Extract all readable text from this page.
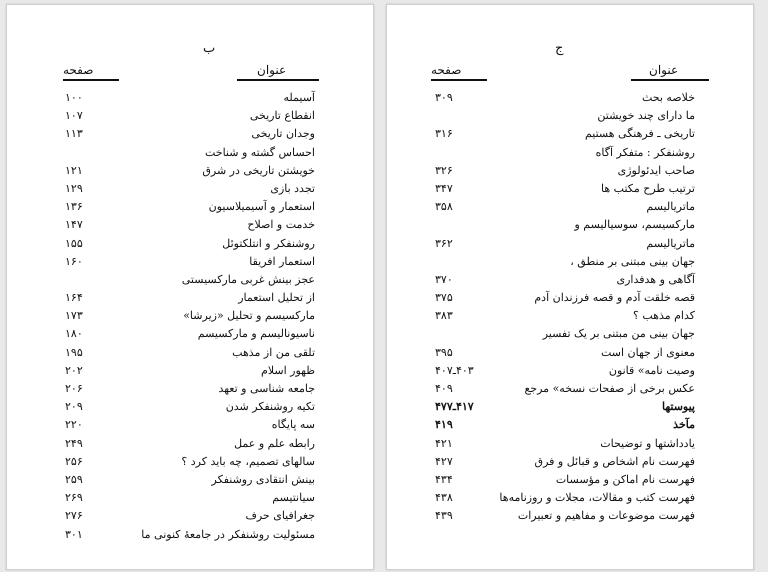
ب
عنوان
صفحه
آسیمله
۱۰۰
انقطاع تاریخی
۱۰۷
وجدان تاریخی
۱۱۳
احساس گشته و شناخت
خویشتن تاریخی در شرق
۱۲۱
تجدد بازی
۱۲۹
استعمار و آسیمیلاسیون
۱۳۶
خدمت و اصلاح
۱۴۷
روشنفکر و انتلکتوئل
۱۵۵
استعمار افریقا
۱۶۰
عجز بینش غربی مارکسیستی
از تحلیل استعمار
۱۶۴
مارکسیسم و تحلیل «زیرشا»
۱۷۳
ناسیونالیسم و مارکسیسم
۱۸۰
تلقی من از مذهب
۱۹۵
ظهور اسلام
۲۰۲
جامعه شناسی و تعهد
۲۰۶
تکیه روشنفکر شدن
۲۰۹
سه پایگاه
۲۲۰
رابطه علم و عمل
۲۴۹
سالهای تصمیم، چه باید کرد ؟
۲۵۶
بینش انتقادی روشنفکر
۲۵۹
سیانتیسم
۲۶۹
جغرافیای حرف
۲۷۶
مسئولیت روشنفکر در جامعهٔ کنونی ما
۳۰۱
ج
عنوان
صفحه
خلاصه بحث
۳۰۹
ما دارای چند خویشتن
تاریخی ـ فرهنگی هستیم
۳۱۶
روشنفکر : متفکر آگاه
صاحب ایدئولوژی
۳۲۶
ترتیب طرح مکتب ها
۳۴۷
ماتریالیسم
۳۵۸
مارکسیسم، سوسیالیسم و
ماتریالیسم
۳۶۲
جهان بینی مبتنی بر منطق ،
آگاهی و هدفداری
۳۷۰
قصه خلقت آدم و قصه فرزندان آدم
۳۷۵
کدام مذهب ؟
۳۸۳
جهان بینی من مبتنی بر یک تفسیر
معنوی از جهان است
۳۹۵
وصیت نامه» قانون
۴۰۳ـ۴۰۷
عکس برخی از صفحات نسخه» مرجع
۴۰۹
پیوستها
۴۱۷ـ۴۷۷
مآخذ
۴۱۹
یادداشتها و توضیحات
۴۲۱
فهرست نام اشخاص و قبائل و فرق
۴۲۷
فهرست نام اماکن و مؤسسات
۴۳۴
فهرست کتب و مقالات، مجلات و روزنامه‌ها
۴۳۸
فهرست موضوعات و مفاهیم و تعبیرات
۴۳۹
